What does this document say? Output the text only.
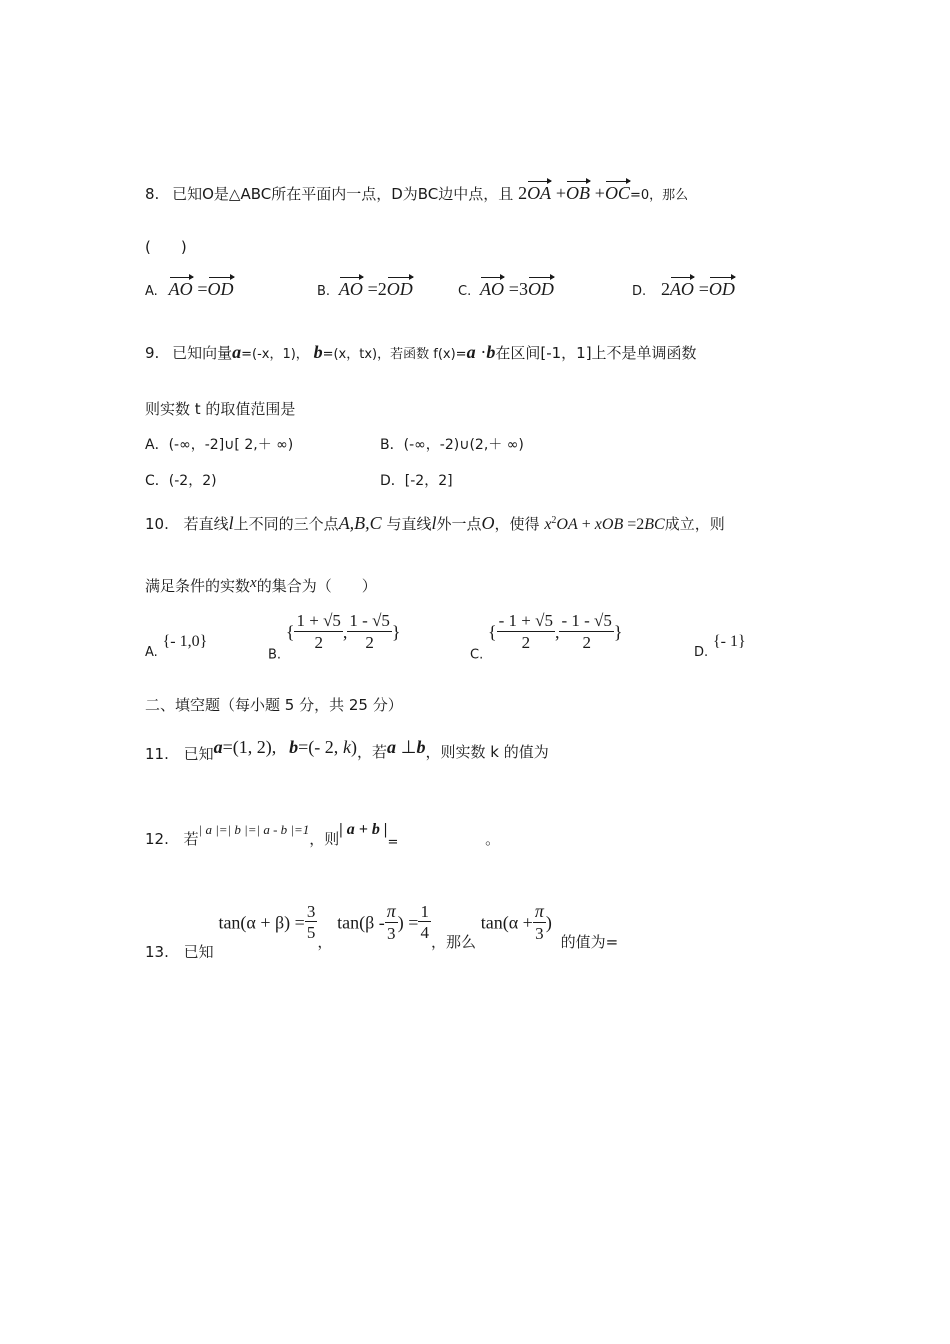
8. 已知O是△ABC所在平面内一点，D为BC边中点，且 2OA +OB +OC=0，那么
(　　)
A. AO =OD	B. AO =2OD	C. AO =3OD	D. 2AO =OD
9. 已知向量a=(-x，1)， b=(x，tx)，若函数 f(x)=a ·b在区间[-1，1]上不是单调函数
则实数 t 的取值范围是
A．(-∞，-2]∪[ 2,＋ ∞)	B．(-∞，-2)∪(2,＋ ∞)
C．(-2，2)	D．[-2，2]
10. 若直线l上不同的三个点A,B,C 与直线l外一点O，使得 $x^2OA$ + xOB =2BC成立，则
满足条件的实数x的集合为（　　）
A. {- 1,0}
B. { $\frac{1 + √5}{2}$ , $\frac{1 - √5}{2}$ }
C. { $\frac{- 1 + √5}{2}$ , $\frac{- 1 - √5}{2}$ }
D. {- 1}
二、填空题（每小题 5 分，共 25 分）
11. 已知a=(1, 2), b=(- 2, k)，若a ⊥b，则实数 k 的值为
12. 若| a |=| b |=| a - b |=1，则| a + b |=	。
13. 已知 $\tan(\alpha + \beta) = \frac{3}{5}$ ， $\tan(\beta - \frac{\pi}{3}$ ) = $\frac{1}{4}$ ，那么 $\tan(\alpha + \frac{\pi}{3}$ ) 的值为=
